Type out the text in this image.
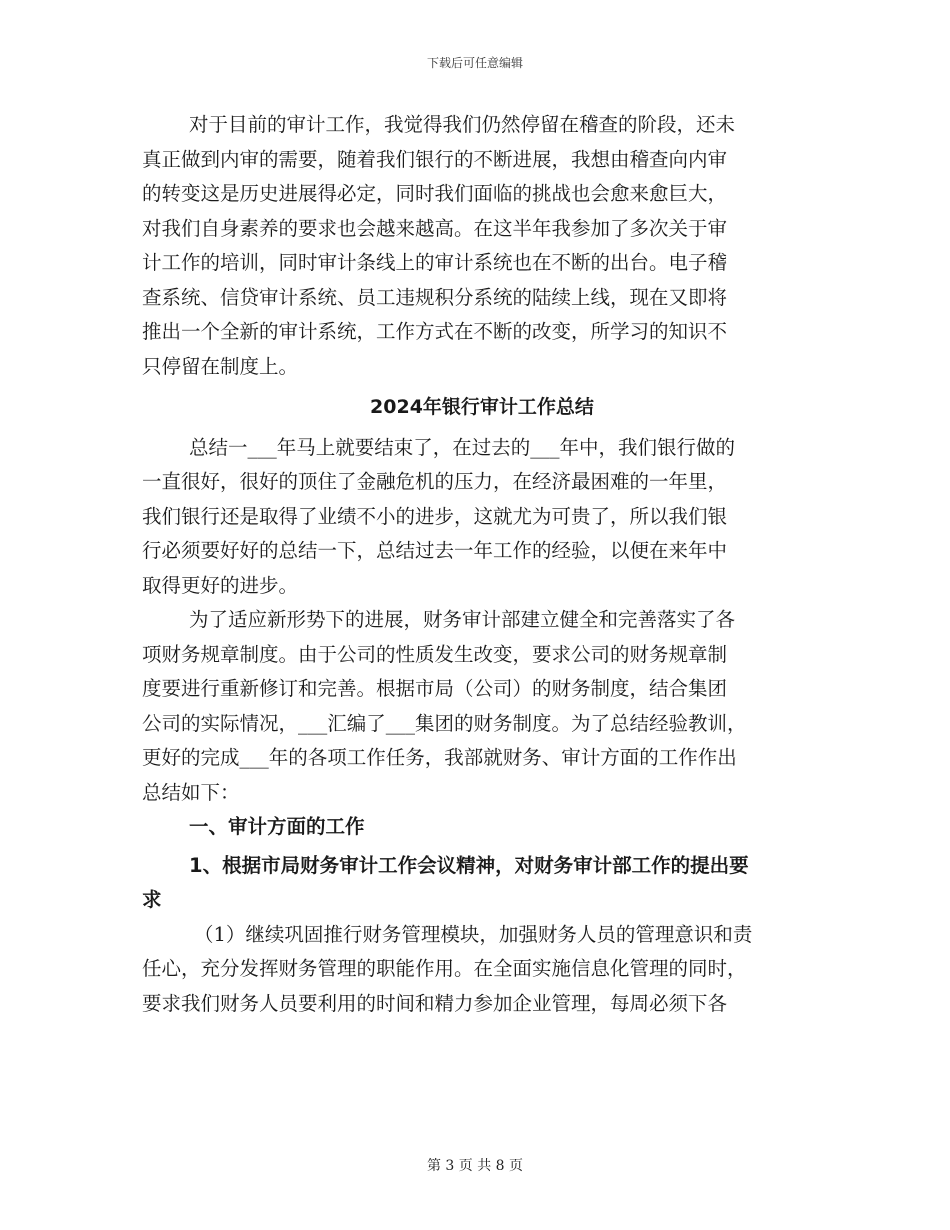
下载后可任意编辑

对于目前的审计工作，我觉得我们仍然停留在稽查的阶段，还未
真正做到内审的需要，随着我们银行的不断进展，我想由稽查向内审
的转变这是历史进展得必定，同时我们面临的挑战也会愈来愈巨大，
对我们自身素养的要求也会越来越高。在这半年我参加了多次关于审
计工作的培训，同时审计条线上的审计系统也在不断的出台。电子稽
查系统、信贷审计系统、员工违规积分系统的陆续上线，现在又即将
推出一个全新的审计系统，工作方式在不断的改变，所学习的知识不
只停留在制度上。

2024年银行审计工作总结

总结一___年马上就要结束了，在过去的___年中，我们银行做的
一直很好，很好的顶住了金融危机的压力，在经济最困难的一年里，
我们银行还是取得了业绩不小的进步，这就尤为可贵了，所以我们银
行必须要好好的总结一下，总结过去一年工作的经验，以便在来年中
取得更好的进步。

为了适应新形势下的进展，财务审计部建立健全和完善落实了各
项财务规章制度。由于公司的性质发生改变，要求公司的财务规章制
度要进行重新修订和完善。根据市局（公司）的财务制度，结合集团
公司的实际情况，___汇编了___集团的财务制度。为了总结经验教训，
更好的完成___年的各项工作任务，我部就财务、审计方面的工作作出
总结如下：

一、审计方面的工作
1、根据市局财务审计工作会议精神，对财务审计部工作的提出要
求

（1）继续巩固推行财务管理模块，加强财务人员的管理意识和责
任心，充分发挥财务管理的职能作用。在全面实施信息化管理的同时，
要求我们财务人员要利用的时间和精力参加企业管理，每周必须下各

第 3 页 共 8 页
